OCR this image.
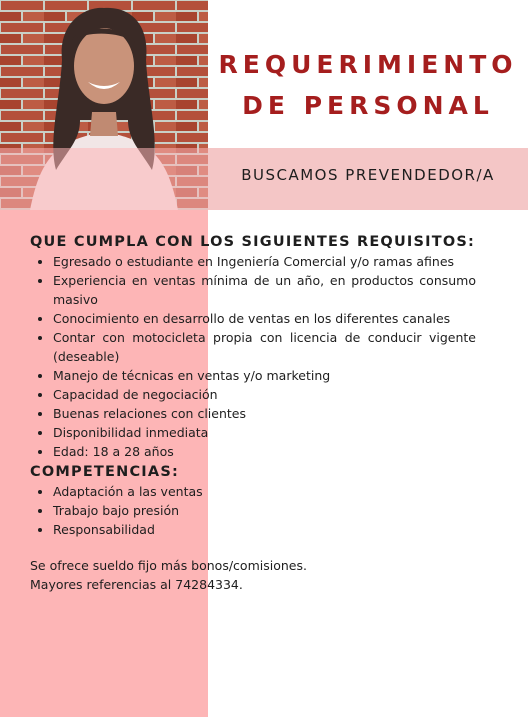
REQUERIMIENTO
DE PERSONAL
BUSCAMOS PREVENDEDOR/A
QUE CUMPLA CON LOS SIGUIENTES REQUISITOS:
• Egresado o estudiante en Ingeniería Comercial y/o ramas afines
• Experiencia en ventas mínima de un año, en productos consumo masivo
• Conocimiento en desarrollo de ventas en los diferentes canales
• Contar con motocicleta propia con licencia de conducir vigente (deseable)
• Manejo de técnicas en ventas y/o marketing
• Capacidad de negociación
• Buenas relaciones con clientes
• Disponibilidad inmediata
• Edad: 18 a 28 años
COMPETENCIAS:
• Adaptación a las ventas
• Trabajo bajo presión
• Responsabilidad
Se ofrece sueldo fijo más bonos/comisiones.
Mayores referencias al 74284334.
